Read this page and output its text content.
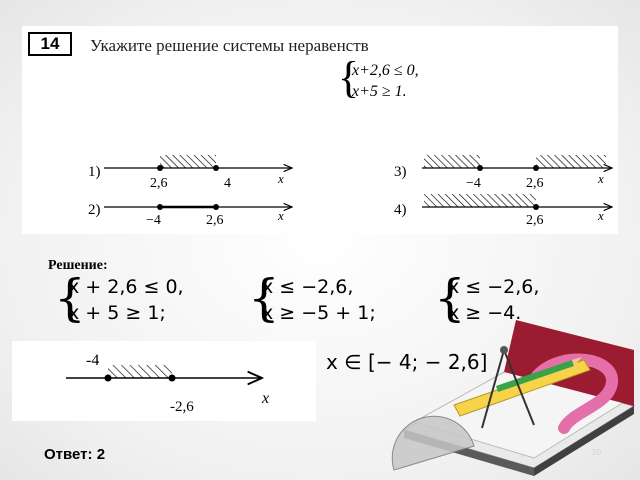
14	Укажите решение системы неравенств
{
x+2,6 ≤ 0,
x+5 ≥ 1.
1)
2,6	4	x
2)
−4	2,6	x
3)
−4	2,6	x
4)
2,6	x
Решение:
{
x + 2,6 ≤ 0,
x + 5 ≥ 1;	{
x ≤ −2,6,
x ≥ −5 + 1; {
x ≤ −2,6,
x ≥ −4.
-4
-2,6	x
x ∈ [− 4; − 2,6]
Ответ: 2	20
